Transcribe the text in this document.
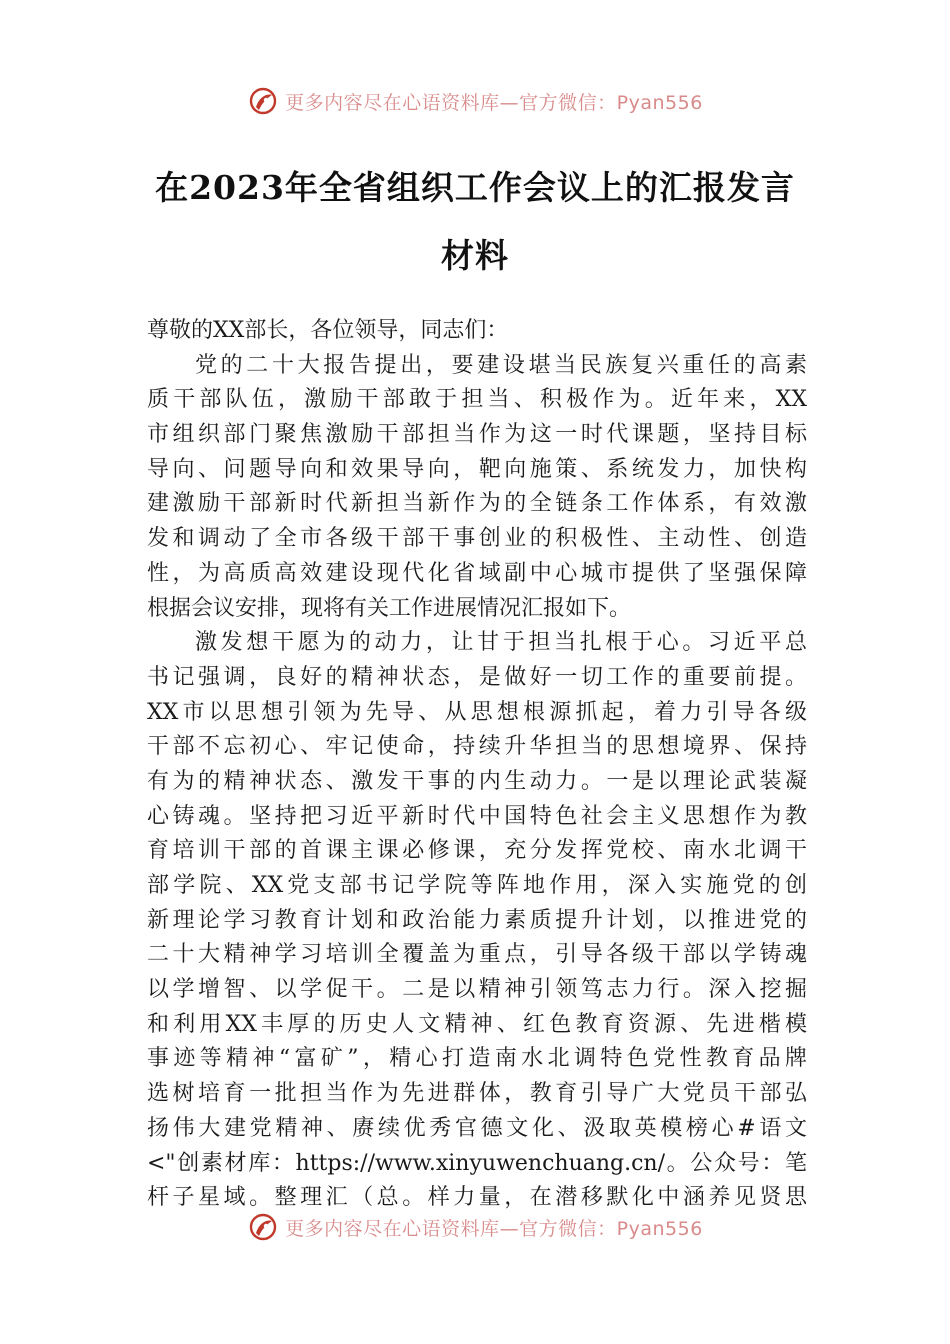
更多内容尽在心语资料库—官方微信：Pyan556
在2023年全省组织工作会议上的汇报发言
材料
尊敬的XX部长，各位领导，同志们：
党的二十大报告提出，要建设堪当民族复兴重任的高素
质干部队伍，激励干部敢于担当、积极作为。近年来，XX
市组织部门聚焦激励干部担当作为这一时代课题，坚持目标
导向、问题导向和效果导向，靶向施策、系统发力，加快构
建激励干部新时代新担当新作为的全链条工作体系，有效激
发和调动了全市各级干部干事创业的积极性、主动性、创造
性，为高质高效建设现代化省域副中心城市提供了坚强保障
根据会议安排，现将有关工作进展情况汇报如下。
激发想干愿为的动力，让甘于担当扎根于心。习近平总
书记强调，良好的精神状态，是做好一切工作的重要前提。
XX市以思想引领为先导、从思想根源抓起，着力引导各级
干部不忘初心、牢记使命，持续升华担当的思想境界、保持
有为的精神状态、激发干事的内生动力。一是以理论武装凝
心铸魂。坚持把习近平新时代中国特色社会主义思想作为教
育培训干部的首课主课必修课，充分发挥党校、南水北调干
部学院、XX党支部书记学院等阵地作用，深入实施党的创
新理论学习教育计划和政治能力素质提升计划，以推进党的
二十大精神学习培训全覆盖为重点，引导各级干部以学铸魂
以学增智、以学促干。二是以精神引领笃志力行。深入挖掘
和利用XX丰厚的历史人文精神、红色教育资源、先进楷模
事迹等精神“富矿”，精心打造南水北调特色党性教育品牌
选树培育一批担当作为先进群体，教育引导广大党员干部弘
扬伟大建党精神、赓续优秀官德文化、汲取英模榜心#语文
<"创素材库：https://www.xinyuwenchuang.cn/。公众号：笔
杆子星域。整理汇（总。样力量，在潜移默化中涵养见贤思
更多内容尽在心语资料库—官方微信：Pyan556
